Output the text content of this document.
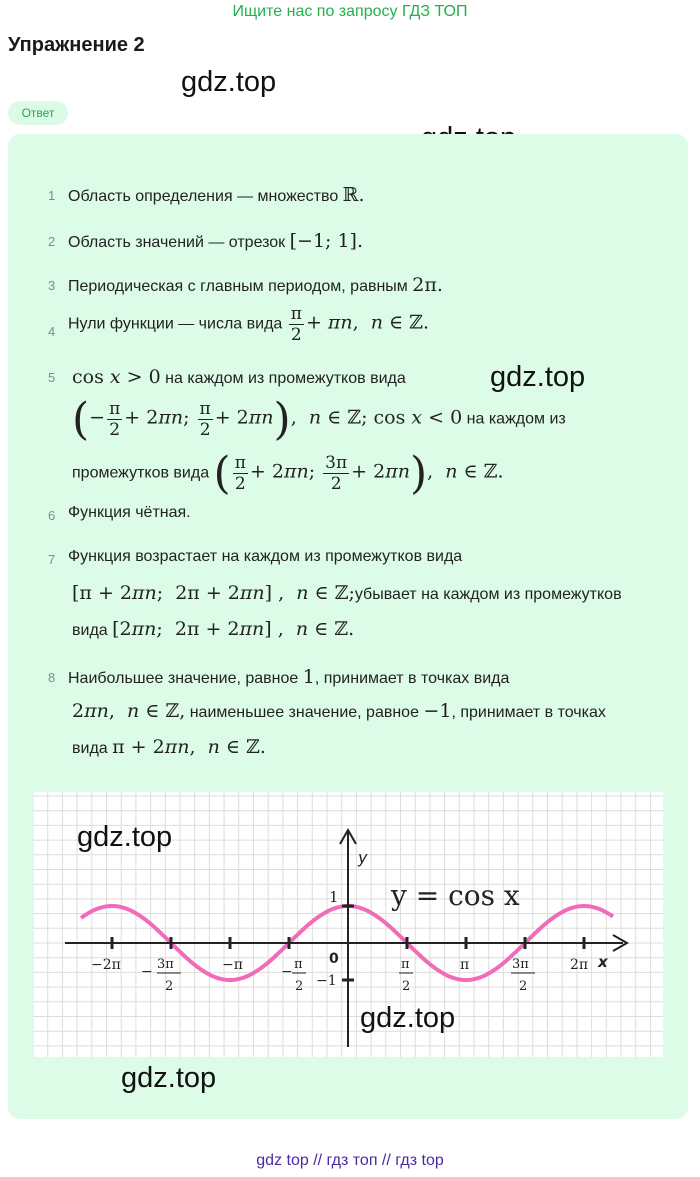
Ищите нас по запросу ГДЗ ТОП
Упражнение 2
gdz.top
Ответ
1 Область определения — множество ℝ.
2 Область значений — отрезок [−1; 1].
3 Периодическая с главным периодом, равным 2π.
4 Нули функции — числа вида $\frac{\pi}{2} + \pi n$,  n ∈ ℤ.
5 cos x > 0 на каждом из промежутков вида
(− $\frac{\pi}{2} + 2\pi n$; $\frac{\pi}{2} + 2\pi n$),  n ∈ ℤ; cos x < 0 на каждом из
промежутков вида ( $\frac{\pi}{2} + 2\pi n$; $\frac{3\pi}{2} + 2\pi n$),  n ∈ ℤ.
6 Функция чётная.
7 Функция возрастает на каждом из промежутков вида
[π + 2πn;  2π + 2πn] ,  n ∈ ℤ;убывает на каждом из промежутков
вида [2πn;  2π + 2πn] ,  n ∈ ℤ.
8 Наибольшее значение, равное 1, принимает в точках вида
2πn,  n ∈ ℤ, наименьшее значение, равное −1, принимает в точках
вида π + 2πn,  n ∈ ℤ.
y
x
y = cos x
1
0
−1
−2π − 3π
2
−π	− π
2
π
2
π	3π
2
2π
gdz.top
gdz.top
gdz.top
gdz.top
gdz top // гдз топ // гдз top
